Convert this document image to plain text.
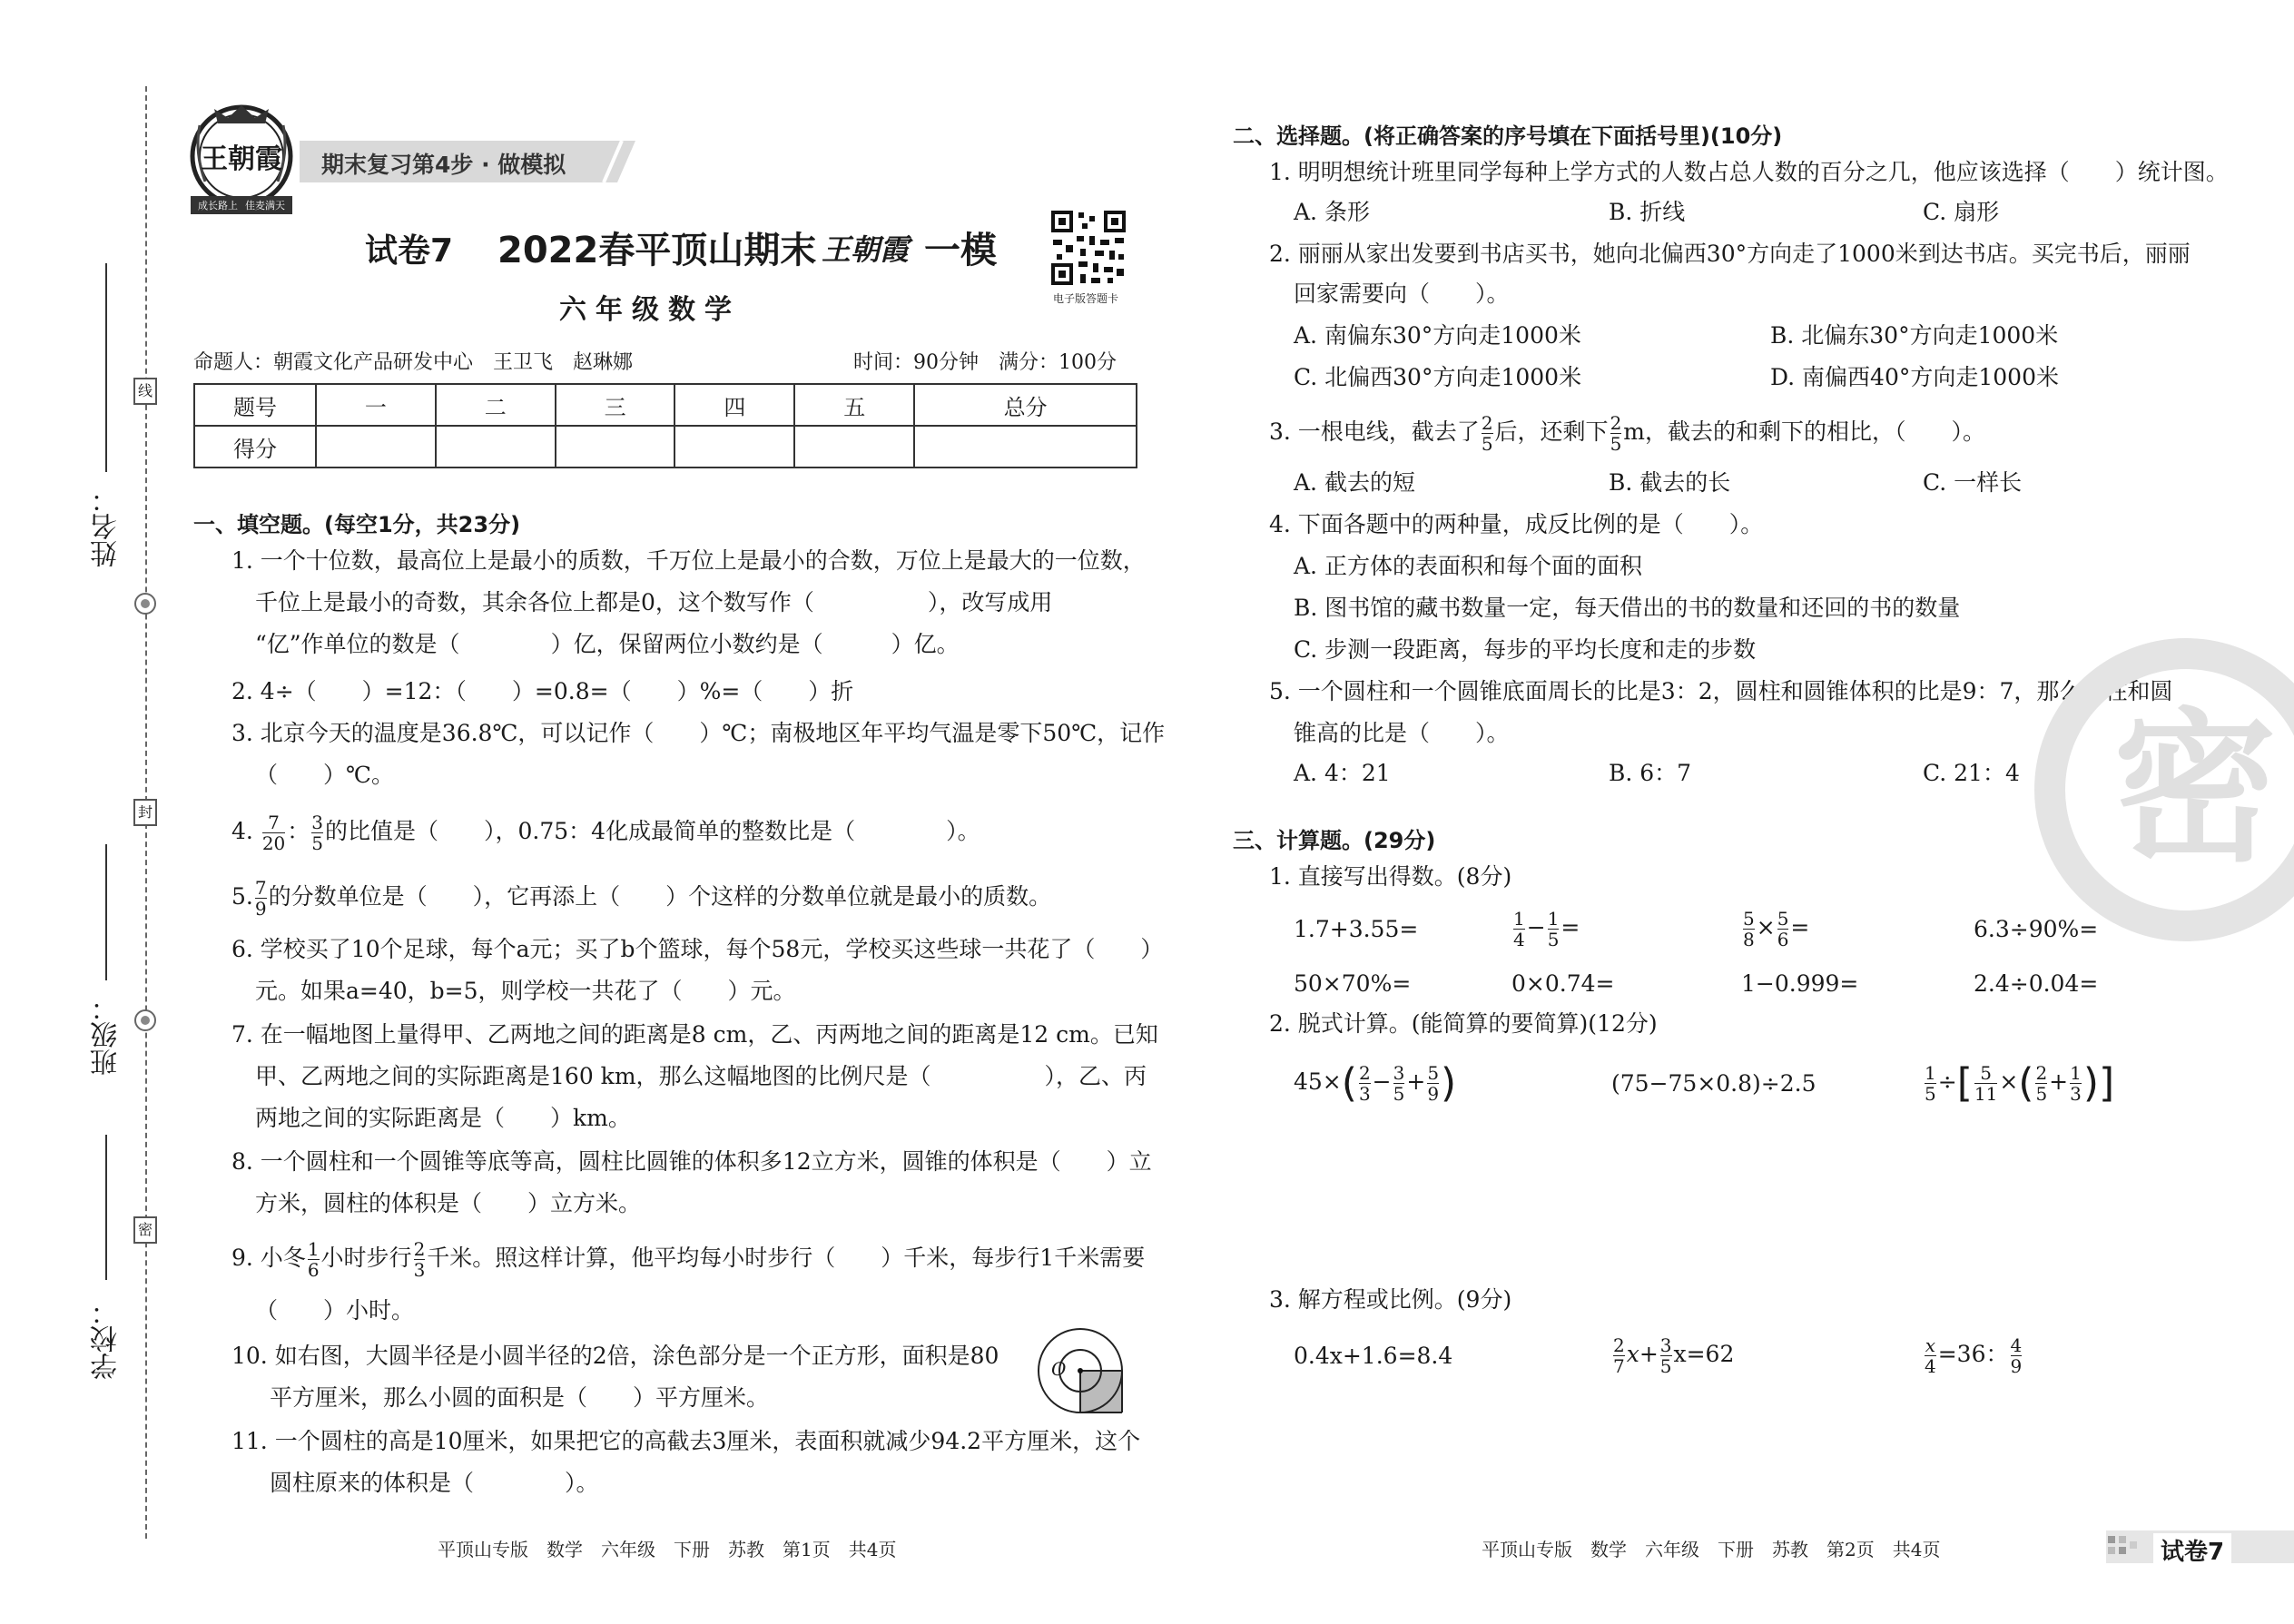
姓名：
班级：
学校：
线
封
密
王朝霞
成长路上 佳麦满天
期末复习第4步 · 做模拟
试卷7 2022春平顶山期末 王朝霞 一模
六年级数学	电子版答题卡
命题人：朝霞文化产品研发中心　王卫飞　赵琳娜	时间：90分钟　满分：100分
题号	一	二	三	四	五	总分
得分						
一、填空题。(每空1分，共23分)
1. 一个十位数，最高位上是最小的质数，千万位上是最小的合数，万位上是最大的一位数，
千位上是最小的奇数，其余各位上都是0，这个数写作（　　　　　），改写成用
“亿”作单位的数是（　　　　）亿，保留两位小数约是（　　　）亿。
2. 4÷（　　）=12：（　　）=0.8=（　　）%=（　　）折
3. 北京今天的温度是36.8℃，可以记作（　　）℃；南极地区年平均气温是零下50℃，记作
（　　）℃。
4. $\frac{7}{20}$ ： $\frac{3}{5}$ 的比值是（　　），0.75：4化成最简单的整数比是（　　　　）。
5. $\frac{7}{9}$ 的分数单位是（　　），它再添上（　　）个这样的分数单位就是最小的质数。
6. 学校买了10个足球，每个a元；买了b个篮球，每个58元，学校买这些球一共花了（　　）
元。如果a=40，b=5，则学校一共花了（　　）元。
7. 在一幅地图上量得甲、乙两地之间的距离是8 cm，乙、丙两地之间的距离是12 cm。已知
甲、乙两地之间的实际距离是160 km，那么这幅地图的比例尺是（　　　　　），乙、丙
两地之间的实际距离是（　　）km。
8. 一个圆柱和一个圆锥等底等高，圆柱比圆锥的体积多12立方米，圆锥的体积是（　　）立
方米，圆柱的体积是（　　）立方米。
9. 小冬 $\frac{1}{6}$ 小时步行 $\frac{2}{3}$ 千米。照这样计算，他平均每小时步行（　　）千米，每步行1千米需要
（　　）小时。
10. 如右图，大圆半径是小圆半径的2倍，涂色部分是一个正方形，面积是80
平方厘米，那么小圆的面积是（　　）平方厘米。
O
11. 一个圆柱的高是10厘米，如果把它的高截去3厘米，表面积就减少94.2平方厘米，这个
圆柱原来的体积是（　　　　）。
二、选择题。(将正确答案的序号填在下面括号里)(10分)
1. 明明想统计班里同学每种上学方式的人数占总人数的百分之几，他应该选择（　　）统计图。
A. 条形	B. 折线	C. 扇形
2. 丽丽从家出发要到书店买书，她向北偏西30°方向走了1000米到达书店。买完书后，丽丽
回家需要向（　　）。
A. 南偏东30°方向走1000米	B. 北偏东30°方向走1000米
C. 北偏西30°方向走1000米	D. 南偏西40°方向走1000米
3. 一根电线，截去了 $\frac{2}{5}$ 后，还剩下 $\frac{2}{5}$ m，截去的和剩下的相比，（　　）。
A. 截去的短	B. 截去的长	C. 一样长
4. 下面各题中的两种量，成反比例的是（　　）。
A. 正方体的表面积和每个面的面积
B. 图书馆的藏书数量一定，每天借出的书的数量和还回的书的数量
C. 步测一段距离，每步的平均长度和走的步数
5. 一个圆柱和一个圆锥底面周长的比是3：2，圆柱和圆锥体积的比是9：7，那么圆柱和圆
锥高的比是（　　）。
A. 4：21	B. 6：7	C. 21：4
三、计算题。(29分)
1. 直接写出得数。(8分)
1.7+3.55=	$\frac{1}{4} - \frac{1}{5}$ =	$\frac{5}{8} \times \frac{5}{6}$ =	6.3÷90%=
50×70%=	0×0.74=	1−0.999=	2.4÷0.04=
2. 脱式计算。(能简算的要简算)(12分)
$45\times( \frac{2}{3} - \frac{3}{5} + \frac{5}{9}$ )	(75−75×0.8)÷2.5	$\frac{1}{5}$ ÷[ $\frac{5}{11}$ ×( $\frac{2}{5} + \frac{1}{3}$ )]
3. 解方程或比例。(9分)
0.4x+1.6=8.4	$\frac{2}{7} x+ \frac{3}{5} x=62$	$\frac{x}{4} =36$： $\frac{4}{9}$
密
平顶山专版　数学　六年级　下册　苏教　第1页　共4页	平顶山专版　数学　六年级　下册　苏教　第2页　共4页	试卷7
